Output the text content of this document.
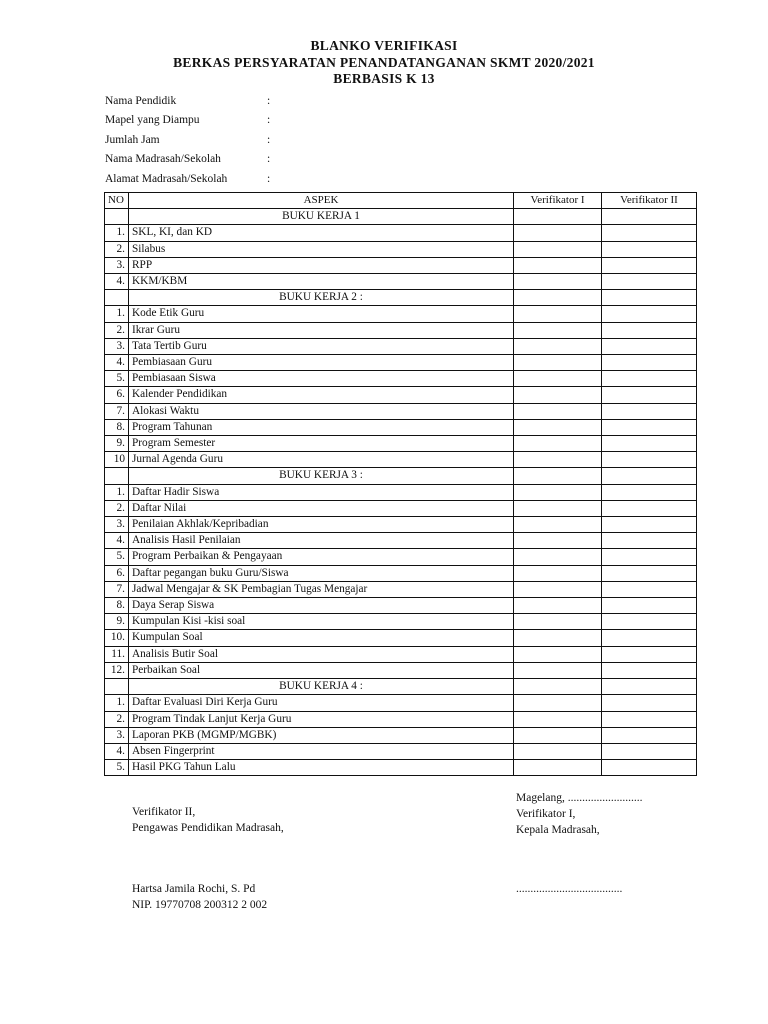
BLANKO VERIFIKASI
BERKAS PERSYARATAN PENANDATANGANAN SKMT 2020/2021
BERBASIS K 13
Nama Pendidik	:
Mapel yang Diampu	:
Jumlah Jam	:
Nama Madrasah/Sekolah	:
Alamat Madrasah/Sekolah	:
NO	ASPEK	Verifikator I	Verifikator II
	BUKU KERJA 1		
1.	SKL, KI, dan KD		
2.	Silabus		
3.	RPP		
4.	KKM/KBM		
	BUKU KERJA 2 :		
1.	Kode Etik Guru		
2.	Ikrar Guru		
3.	Tata Tertib Guru		
4.	Pembiasaan Guru		
5.	Pembiasaan Siswa		
6.	Kalender Pendidikan		
7.	Alokasi Waktu		
8.	Program Tahunan		
9.	Program Semester		
10	Jurnal Agenda Guru		
	BUKU KERJA 3 :		
1.	Daftar Hadir Siswa		
2.	Daftar Nilai		
3.	Penilaian Akhlak/Kepribadian		
4.	Analisis Hasil Penilaian		
5.	Program Perbaikan & Pengayaan		
6.	Daftar pegangan buku Guru/Siswa		
7.	Jadwal Mengajar & SK Pembagian Tugas Mengajar		
8.	Daya Serap Siswa		
9.	Kumpulan Kisi -kisi soal		
10.	Kumpulan Soal		
11.	Analisis Butir Soal		
12.	Perbaikan Soal		
	BUKU KERJA 4 :		
1.	Daftar Evaluasi Diri Kerja Guru		
2.	Program Tindak Lanjut Kerja Guru		
3.	Laporan PKB (MGMP/MGBK)		
4.	Absen Fingerprint		
5.	Hasil PKG Tahun Lalu		
Verifikator II,
Pengawas Pendidikan Madrasah,
Hartsa Jamila Rochi, S. Pd
NIP. 19770708 200312 2 002
Magelang, ..........................
Verifikator I,
Kepala Madrasah,
.....................................
